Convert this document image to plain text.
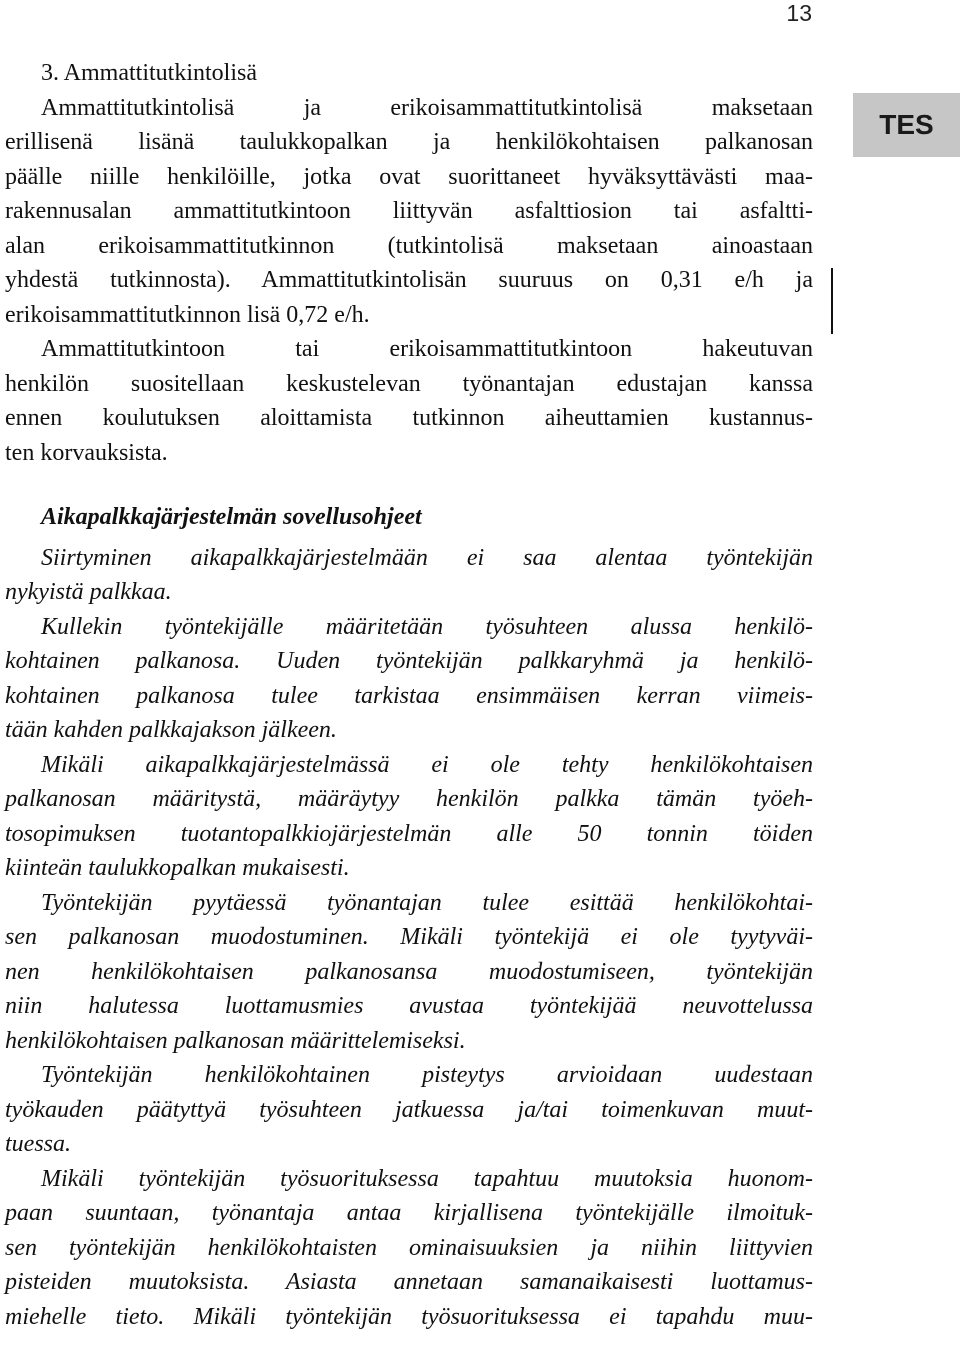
13
TES
3. Ammattitutkintolisä
Ammattitutkintolisä ja erikoisammattitutkintolisä maksetaan
erillisenä lisänä taulukkopalkan ja henkilökohtaisen palkanosan
päälle niille henkilöille, jotka ovat suorittaneet hyväksyttävästi maa-
rakennusalan ammattitutkintoon liittyvän asfalttiosion tai asfaltti-
alan erikoisammattitutkinnon (tutkintolisä maksetaan ainoastaan
yhdestä tutkinnosta). Ammattitutkintolisän suuruus on 0,31 e/h ja
erikoisammattitutkinnon lisä 0,72 e/h.
Ammattitutkintoon tai erikoisammattitutkintoon hakeutuvan
henkilön suositellaan keskustelevan työnantajan edustajan kanssa
ennen koulutuksen aloittamista tutkinnon aiheuttamien kustannus-
ten korvauksista.
Aikapalkkajärjestelmän sovellusohjeet
Siirtyminen aikapalkkajärjestelmään ei saa alentaa työntekijän
nykyistä palkkaa.
Kullekin työntekijälle määritetään työsuhteen alussa henkilö-
kohtainen palkanosa. Uuden työntekijän palkkaryhmä ja henkilö-
kohtainen palkanosa tulee tarkistaa ensimmäisen kerran viimeis-
tään kahden palkkajakson jälkeen.
Mikäli aikapalkkajärjestelmässä ei ole tehty henkilökohtaisen
palkanosan määritystä, määräytyy henkilön palkka tämän työeh-
tosopimuksen tuotantopalkkiojärjestelmän alle 50 tonnin töiden
kiinteän taulukkopalkan mukaisesti.
Työntekijän pyytäessä työnantajan tulee esittää henkilökohtai-
sen palkanosan muodostuminen. Mikäli työntekijä ei ole tyytyväi-
nen henkilökohtaisen palkanosansa muodostumiseen, työntekijän
niin halutessa luottamusmies avustaa työntekijää neuvottelussa
henkilökohtaisen palkanosan määrittelemiseksi.
Työntekijän henkilökohtainen pisteytys arvioidaan uudestaan
työkauden päätyttyä työsuhteen jatkuessa ja/tai toimenkuvan muut-
tuessa.
Mikäli työntekijän työsuorituksessa tapahtuu muutoksia huonom-
paan suuntaan, työnantaja antaa kirjallisena työntekijälle ilmoituk-
sen työntekijän henkilökohtaisten ominaisuuksien ja niihin liittyvien
pisteiden muutoksista. Asiasta annetaan samanaikaisesti luottamus-
miehelle tieto. Mikäli työntekijän työsuorituksessa ei tapahdu muu-
